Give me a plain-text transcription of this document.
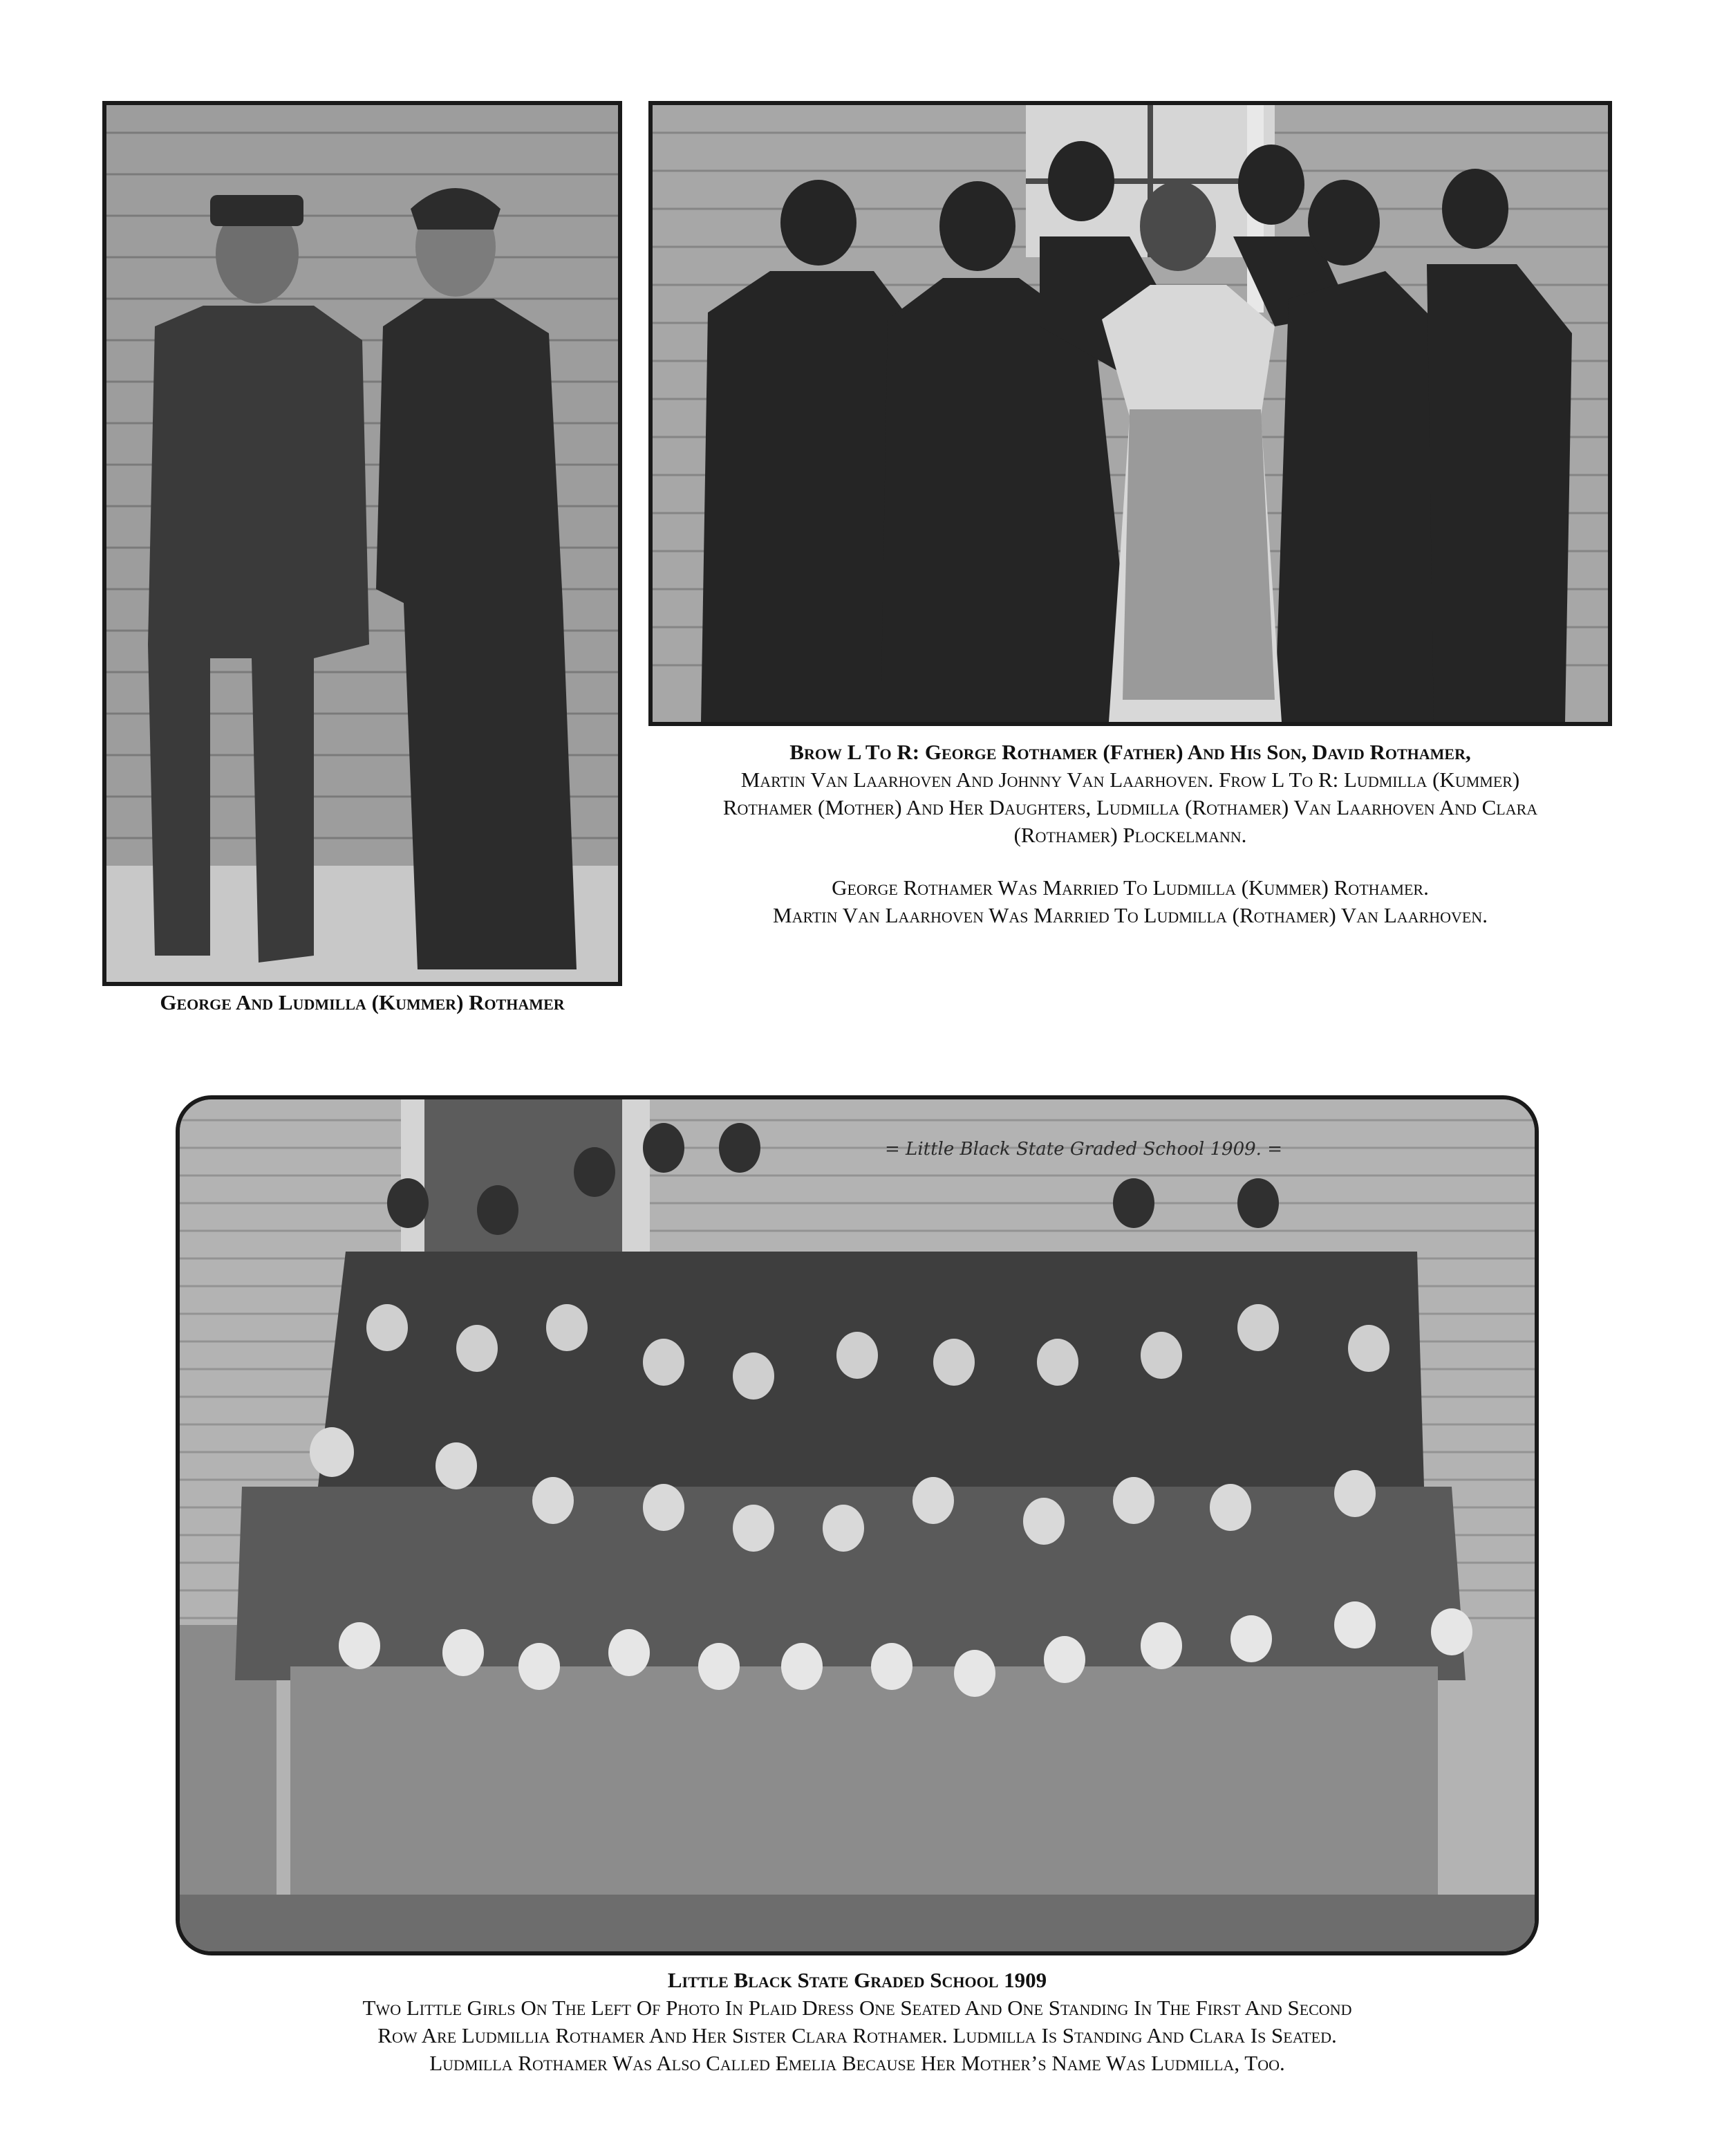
George And Ludmilla (Kummer) Rothamer
Brow L To R: George Rothamer (Father) And His Son, David Rothamer,
Martin Van Laarhoven And Johnny Van Laarhoven. Frow L To R: Ludmilla (Kummer)
Rothamer (Mother) And Her Daughters, Ludmilla (Rothamer) Van Laarhoven And Clara
(Rothamer) Plockelmann.
George Rothamer Was Married To Ludmilla (Kummer) Rothamer.
Martin Van Laarhoven Was Married To Ludmilla (Rothamer) Van Laarhoven.
= Little Black State Graded School 1909. =
Little Black State Graded School 1909
Two Little Girls On The Left Of Photo In Plaid Dress One Seated And One Standing In The First And Second
Row Are Ludmillia Rothamer And Her Sister Clara Rothamer. Ludmilla Is Standing And Clara Is Seated.
Ludmilla Rothamer Was Also Called Emelia Because Her Mother’s Name Was Ludmilla, Too.
